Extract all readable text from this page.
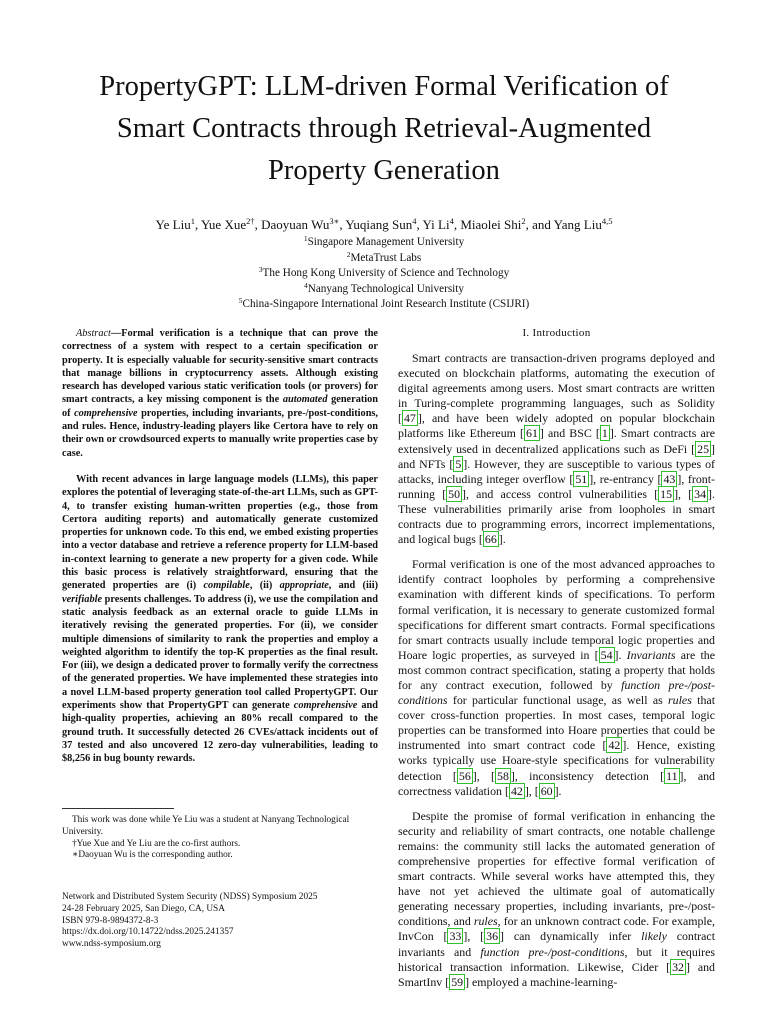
PropertyGPT: LLM-driven Formal Verification of
Smart Contracts through Retrieval-Augmented
Property Generation
Ye Liu$^1$, Yue Xue$^{2\dagger}$, Daoyuan $Wu^{3∗}$, Yuqiang Sun$^4$, Yi Li$^4$, Miaolei Shi$^2$, and Yang Liu$^{4,5}$
$^1$Singapore Management University
$^2$MetaTrust Labs
$^3$The Hong Kong University of Science and Technology
$^4$Nanyang Technological University
$^5$China-Singapore International Joint Research Institute (CSIJRI)

Abstract—Formal verification is a technique that can prove the correctness of a system with respect to a certain specification or property. It is especially valuable for security-sensitive smart contracts that manage billions in cryptocurrency assets. Although existing research has developed various static verification tools (or provers) for smart contracts, a key missing component is the automated generation of comprehensive properties, including invariants, pre-/post-conditions, and rules. Hence, industry-leading players like Certora have to rely on their own or crowdsourced experts to manually write properties case by case.

With recent advances in large language models (LLMs), this paper explores the potential of leveraging state-of-the-art LLMs, such as GPT-4, to transfer existing human-written properties (e.g., those from Certora auditing reports) and automatically generate customized properties for unknown code. To this end, we embed existing properties into a vector database and retrieve a reference property for LLM-based in-context learning to generate a new property for a given code. While this basic process is relatively straightforward, ensuring that the generated properties are (i) compilable, (ii) appropriate, and (iii) verifiable presents challenges. To address (i), we use the compilation and static analysis feedback as an external oracle to guide LLMs in iteratively revising the generated properties. For (ii), we consider multiple dimensions of similarity to rank the properties and employ a weighted algorithm to identify the top-K properties as the final result. For (iii), we design a dedicated prover to formally verify the correctness of the generated properties. We have implemented these strategies into a novel LLM-based property generation tool called PropertyGPT. Our experiments show that PropertyGPT can generate comprehensive and high-quality properties, achieving an 80% recall compared to the ground truth. It successfully detected 26 CVEs/attack incidents out of 37 tested and also uncovered 12 zero-day vulnerabilities, leading to $8,256 in bug bounty rewards.

This work was done while Ye Liu was a student at Nanyang Technological University.

†Yue Xue and Ye Liu are the co-first authors.

∗Daoyuan Wu is the corresponding author.

Network and Distributed System Security (NDSS) Symposium 2025
24-28 February 2025, San Diego, CA, USA
ISBN 979-8-9894372-8-3
https://dx.doi.org/10.14722/ndss.2025.241357
www.ndss-symposium.org
I. Introduction

Smart contracts are transaction-driven programs deployed and executed on blockchain platforms, automating the execution of digital agreements among users. Most smart contracts are written in Turing-complete programming languages, such as Solidity [ 47 ], and have been widely adopted on popular blockchain platforms like Ethereum [ 61 ] and BSC [ 1 ]. Smart contracts are extensively used in decentralized applications such as DeFi [ 25 ] and NFTs [ 5 ]. However, they are susceptible to various types of attacks, including integer overflow [ 51 ], re-entrancy [ 43 ], front-running [ 50 ], and access control vulnerabilities [ 15 ], [ 34 ]. These vulnerabilities primarily arise from loopholes in smart contracts due to programming errors, incorrect implementations, and logical bugs [ 66 ].

Formal verification is one of the most advanced approaches to identify contract loopholes by performing a comprehensive examination with different kinds of specifications. To perform formal verification, it is necessary to generate customized formal specifications for different smart contracts. Formal specifications for smart contracts usually include temporal logic properties and Hoare logic properties, as surveyed in [ 54 ]. Invariants are the most common contract specification, stating a property that holds for any contract execution, followed by function pre-/post-conditions for particular functional usage, as well as rules that cover cross-function properties. In most cases, temporal logic properties can be transformed into Hoare properties that could be instrumented into smart contract code [ 42 ]. Hence, existing works typically use Hoare-style specifications for vulnerability detection [ 56 ], [ 58 ], inconsistency detection [ 11 ], and correctness validation [ 42 ], [ 60 ].

Despite the promise of formal verification in enhancing the security and reliability of smart contracts, one notable challenge remains: the community still lacks the automated generation of comprehensive properties for effective formal verification of smart contracts. While several works have attempted this, they have not yet achieved the ultimate goal of automatically generating necessary properties, including invariants, pre-/post-conditions, and rules, for an unknown contract code. For example, InvCon [ 33 ], [ 36 ] can dynamically infer likely contract invariants and function pre-/post-conditions, but it requires historical transaction information. Likewise, Cider [ 32 ] and SmartInv [ 59 ] employed a machine-learning-
